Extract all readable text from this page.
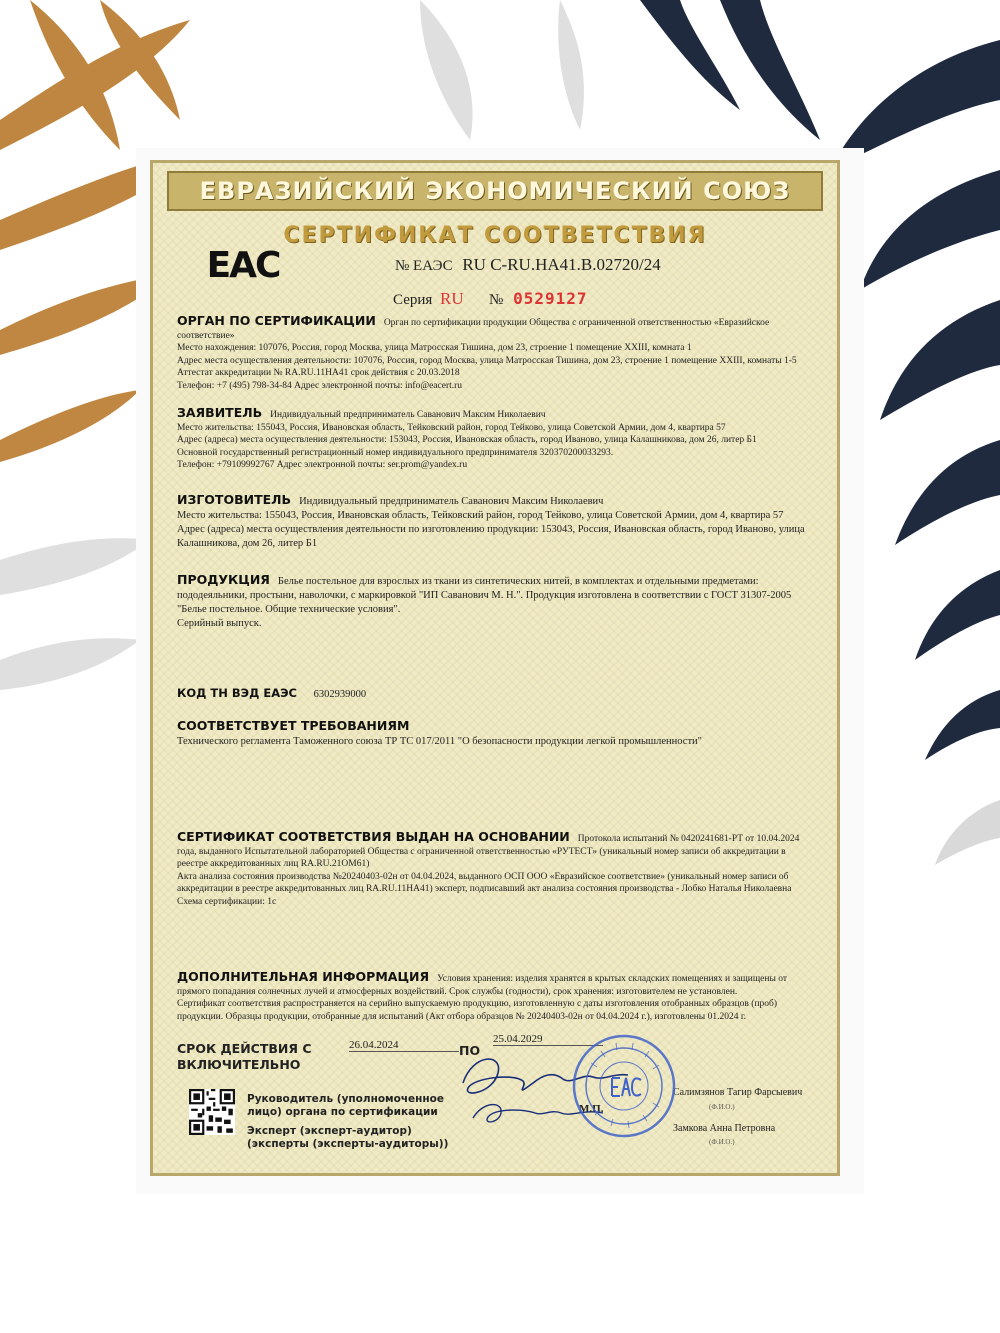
ЕВРАЗИЙСКИЙ ЭКОНОМИЧЕСКИЙ СОЮЗ
СЕРТИФИКАТ СООТВЕТСТВИЯ
EAC	№ ЕАЭС RU C-RU.HA41.B.02720/24
Серия RU № 0529127
ОРГАН ПО СЕРТИФИКАЦИИ Орган по сертификации продукции Общества с ограниченной ответственностью «Евразийское соответствие»
Место нахождения: 107076, Россия, город Москва, улица Матросская Тишина, дом 23, строение 1 помещение XXIII, комната 1
Адрес места осуществления деятельности: 107076, Россия, город Москва, улица Матросская Тишина, дом 23, строение 1 помещение XXIII, комнаты 1-5
Аттестат аккредитации № RA.RU.11HA41 срок действия с 20.03.2018
Телефон: +7 (495) 798-34-84 Адрес электронной почты: info@eacert.ru
ЗАЯВИТЕЛЬ Индивидуальный предприниматель Саванович Максим Николаевич
Место жительства: 155043, Россия, Ивановская область, Тейковский район, город Тейково, улица Советской Армии, дом 4, квартира 57
Адрес (адреса) места осуществления деятельности: 153043, Россия, Ивановская область, город Иваново, улица Калашникова, дом 26, литер Б1
Основной государственный регистрационный номер индивидуального предпринимателя 320370200033293.
Телефон: +79109992767 Адрес электронной почты: ser.prom@yandex.ru
ИЗГОТОВИТЕЛЬ Индивидуальный предприниматель Саванович Максим Николаевич
Место жительства: 155043, Россия, Ивановская область, Тейковский район, город Тейково, улица Советской Армии, дом 4, квартира 57
Адрес (адреса) места осуществления деятельности по изготовлению продукции: 153043, Россия, Ивановская область, город Иваново, улица Калашникова, дом 26, литер Б1
ПРОДУКЦИЯ Белье постельное для взрослых из ткани из синтетических нитей, в комплектах и отдельными предметами: пододеяльники, простыни, наволочки, с маркировкой "ИП Саванович М. Н.". Продукция изготовлена в соответствии с ГОСТ 31307-2005 "Белье постельное. Общие технические условия".
Серийный выпуск.
КОД ТН ВЭД ЕАЭС 6302939000
СООТВЕТСТВУЕТ ТРЕБОВАНИЯМ
Технического регламента Таможенного союза ТР ТС 017/2011 "О безопасности продукции легкой промышленности"
СЕРТИФИКАТ СООТВЕТСТВИЯ ВЫДАН НА ОСНОВАНИИ Протокола испытаний № 0420241681-РТ от 10.04.2024 года, выданного Испытательной лабораторией Общества с ограниченной ответственностью «РУТЕСТ» (уникальный номер записи об аккредитации в реестре аккредитованных лиц RA.RU.21OM61)
Акта анализа состояния производства №20240403-02н от 04.04.2024, выданного ОСП ООО «Евразийское соответствие» (уникальный номер записи об аккредитации в реестре аккредитованных лиц RA.RU.11HA41) эксперт, подписавший акт анализа состояния производства - Лобко Наталья Николаевна
Схема сертификации: 1с
ДОПОЛНИТЕЛЬНАЯ ИНФОРМАЦИЯ Условия хранения: изделия хранятся в крытых складских помещениях и защищены от прямого попадания солнечных лучей и атмосферных воздействий. Срок службы (годности), срок хранения: изготовителем не установлен.
Сертификат соответствия распространяется на серийно выпускаемую продукцию, изготовленную с даты изготовления отобранных образцов (проб) продукции. Образцы продукции, отобранные для испытаний (Акт отбора образцов № 20240403-02н от 04.04.2024 г.), изготовлены 01.2024 г.
СРОК ДЕЙСТВИЯ С
ВКЛЮЧИТЕЛЬНО
26.04.2024	ПО
25.04.2029
Руководитель (уполномоченное
лицо) органа по сертификации
Эксперт (эксперт-аудитор)
(эксперты (эксперты-аудиторы))
Салимзянов Тагир Фарсыевич
(Ф.И.О.)
Замкова Анна Петровна
(Ф.И.О.)
М.П.
